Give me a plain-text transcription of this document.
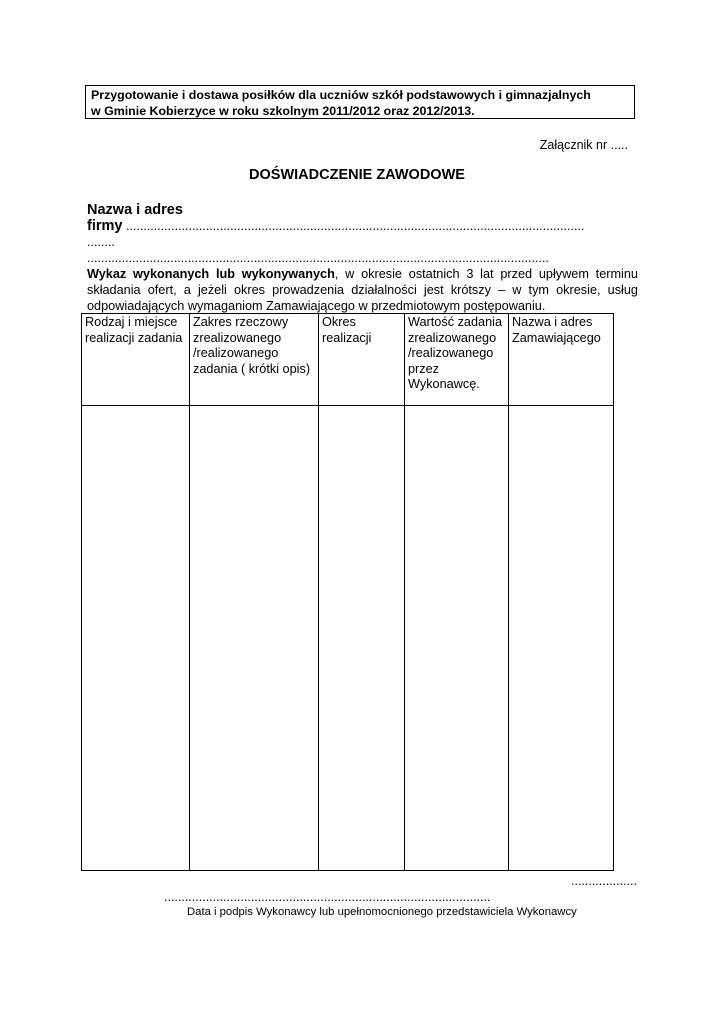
Przygotowanie i dostawa posiłków dla uczniów szkół podstawowych i gimnazjalnych
w Gminie Kobierzyce w roku szkolnym 2011/2012 oraz 2012/2013.
Załącznik nr .....
DOŚWIADCZENIE ZAWODOWE
Nazwa i adres
firmy ....................................................................................................................................
........
.....................................................................................................................................
Wykaz wykonanych lub wykonywanych, w okresie ostatnich 3 lat przed upływem terminu składania ofert, a jeżeli okres prowadzenia działalności jest krótszy – w tym okresie, usług odpowiadających wymaganiom Zamawiającego w przedmiotowym postępowaniu.
Rodzaj i miejsce realizacji zadania	Zakres rzeczowy zrealizowanego /realizowanego zadania ( krótki opis)	Okres realizacji	Wartość zadania zrealizowanego /realizowanego przez Wykonawcę.	Nazwa i adres Zamawiającego

...................
..............................................................................................
Data i podpis Wykonawcy lub upełnomocnionego przedstawiciela Wykonawcy
